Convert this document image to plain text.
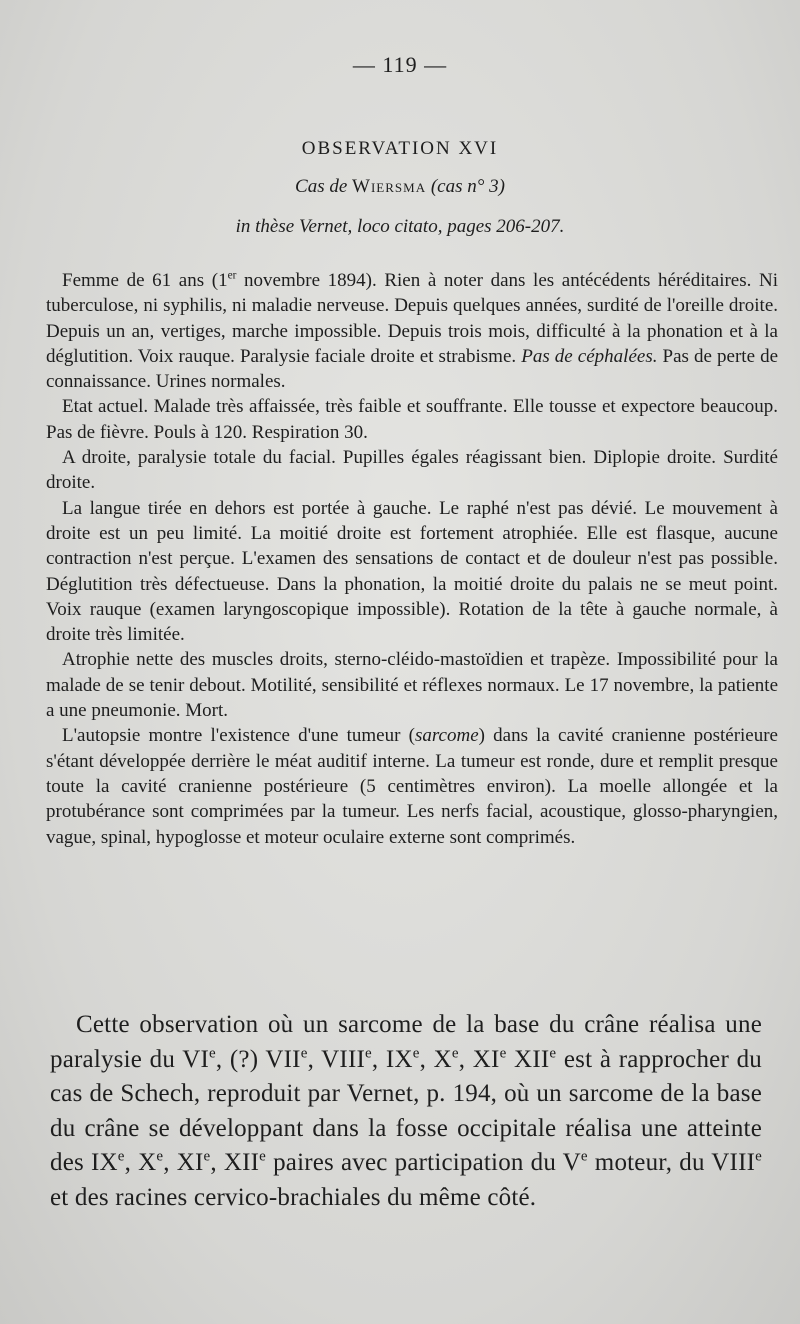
— 119 —
OBSERVATION XVI
Cas de Wiersma (cas n° 3)
in thèse Vernet, loco citato, pages 206-207.

Femme de 61 ans (1er novembre 1894). Rien à noter dans les antécédents héréditaires. Ni tuberculose, ni syphilis, ni maladie nerveuse. Depuis quelques années, surdité de l'oreille droite. Depuis un an, vertiges, marche impossible. Depuis trois mois, difficulté à la phonation et à la déglutition. Voix rauque. Paralysie faciale droite et strabisme. Pas de céphalées. Pas de perte de connaissance. Urines normales.

Etat actuel. Malade très affaissée, très faible et souffrante. Elle tousse et expectore beaucoup. Pas de fièvre. Pouls à 120. Respiration 30.

A droite, paralysie totale du facial. Pupilles égales réagissant bien. Diplopie droite. Surdité droite.

La langue tirée en dehors est portée à gauche. Le raphé n'est pas dévié. Le mouvement à droite est un peu limité. La moitié droite est fortement atrophiée. Elle est flasque, aucune contraction n'est perçue. L'examen des sensations de contact et de douleur n'est pas possible. Déglutition très défectueuse. Dans la phonation, la moitié droite du palais ne se meut point. Voix rauque (examen laryngoscopique impossible). Rotation de la tête à gauche normale, à droite très limitée.

Atrophie nette des muscles droits, sterno-cléido-mastoïdien et trapèze. Impossibilité pour la malade de se tenir debout. Motilité, sensibilité et réflexes normaux. Le 17 novembre, la patiente a une pneumonie. Mort.

L'autopsie montre l'existence d'une tumeur (sarcome) dans la cavité cranienne postérieure s'étant développée derrière le méat auditif interne. La tumeur est ronde, dure et remplit presque toute la cavité cranienne postérieure (5 centimètres environ). La moelle allongée et la protubérance sont comprimées par la tumeur. Les nerfs facial, acoustique, glosso-pharyngien, vague, spinal, hypoglosse et moteur oculaire externe sont comprimés.

Cette observation où un sarcome de la base du crâne réalisa une paralysie du VIe, (?) VIIe, VIIIe, IXe, Xe, XIe XIIe est à rapprocher du cas de Schech, reproduit par Vernet, p. 194, où un sarcome de la base du crâne se développant dans la fosse occipitale réalisa une atteinte des IXe, Xe, XIe, XIIe paires avec participation du Ve moteur, du VIIIe et des racines cervico-brachiales du même côté.
